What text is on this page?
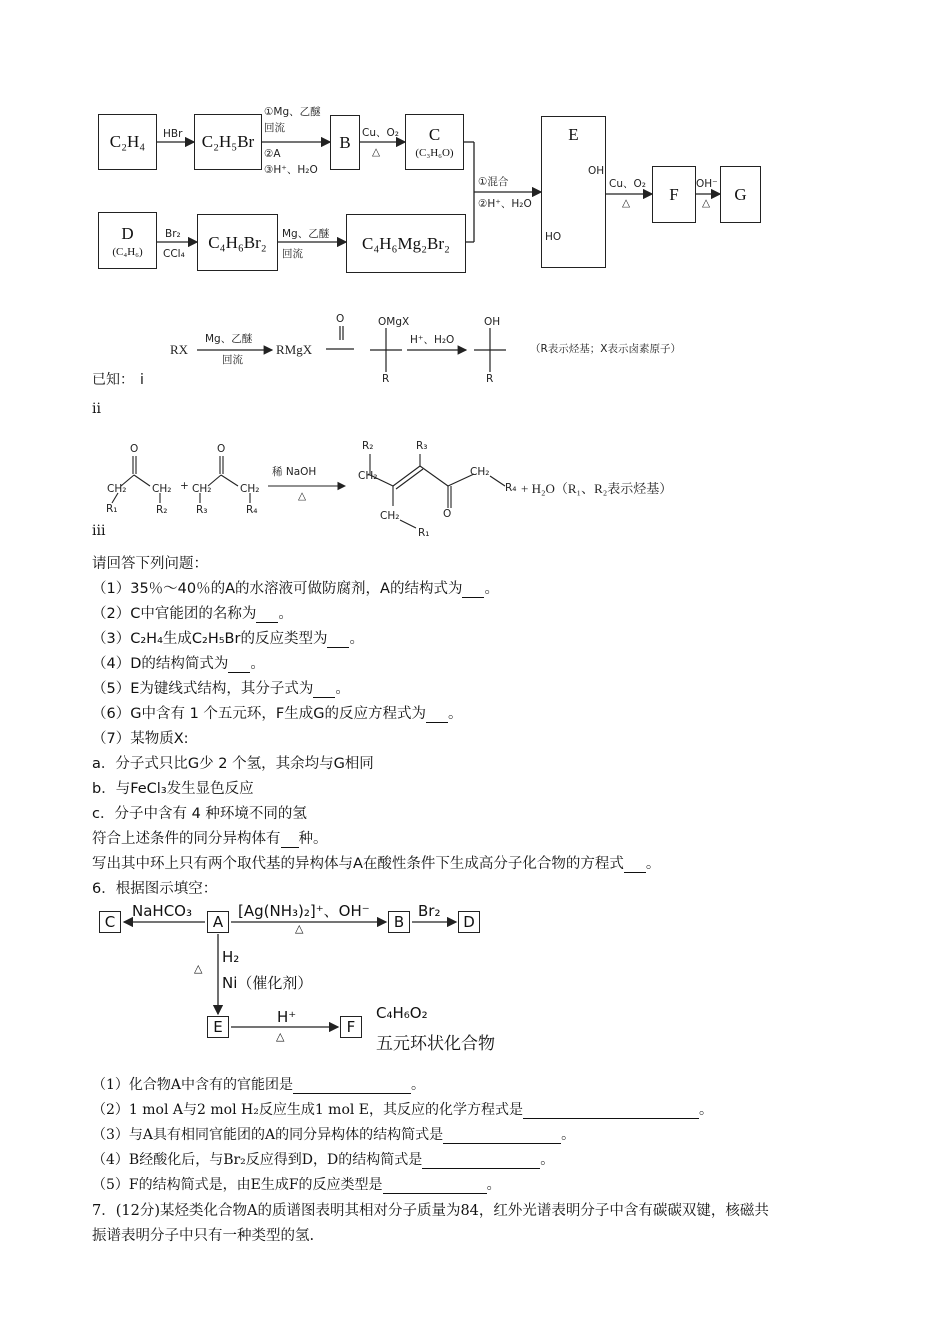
C₂H₄	C₂H₅Br	B	C
(C₃H₆O)
D
(C₄H₆)	C₄H₆Br₂	C₄H₆Mg₂Br₂
E
OH
HO
F	G
HBr
①Mg、乙醚
回流
②A
③H⁺、H₂O
Cu、O₂
△
①混合
②H⁺、H₂O
Cu、O₂
△
OH⁻
△
Br₂
CCl₄
Mg、乙醚
回流
RX
Mg、乙醚
回流
RMgX
O	OMgX
R
H⁺、H₂O
OH
R
（R表示烃基；X表示卤素原子）
已知： i
ii
O
CH₂ CH₂
R₁	R₂
+
O
CH₂	CH₂
R₃	R₄
稀 NaOH
△
R₂	R₃
CH₂	CH₂
CH₂
R₁
O
R₄ + H₂O（R₁、R₂表示烃基）
iii
请回答下列问题：
（1）35％～40％的A的水溶液可做防腐剂，A的结构式为 。
（2）C中官能团的名称为 。
（3）C₂H₄生成C₂H₅Br的反应类型为 。
（4）D的结构简式为 。
（5）E为键线式结构，其分子式为 。
（6）G中含有 1 个五元环，F生成G的反应方程式为 。
（7）某物质X:
a．分子式只比G少 2 个氢，其余均与G相同
b．与FeCl₃发生显色反应
c．分子中含有 4 种环境不同的氢
符合上述条件的同分异构体有 种。
写出其中环上只有两个取代基的异构体与A在酸性条件下生成高分子化合物的方程式 。
6．根据图示填空：
C	A	B	D
E	F
NaHCO₃	[Ag(NH₃)₂]⁺、OH⁻
△
Br₂
△
H₂
Ni（催化剂）
H⁺
△
C₄H₆O₂
五元环状化合物
（1）化合物A中含有的官能团是	。
（2）1 mol A与2 mol H₂反应生成1 mol E，其反应的化学方程式是	。
（3）与A具有相同官能团的A的同分异构体的结构简式是	。
（4）B经酸化后，与Br₂反应得到D，D的结构简式是	。
（5）F的结构简式是，由E生成F的反应类型是	。
7．(12分)某烃类化合物A的质谱图表明其相对分子质量为84，红外光谱表明分子中含有碳碳双键，核磁共
振谱表明分子中只有一种类型的氢.
